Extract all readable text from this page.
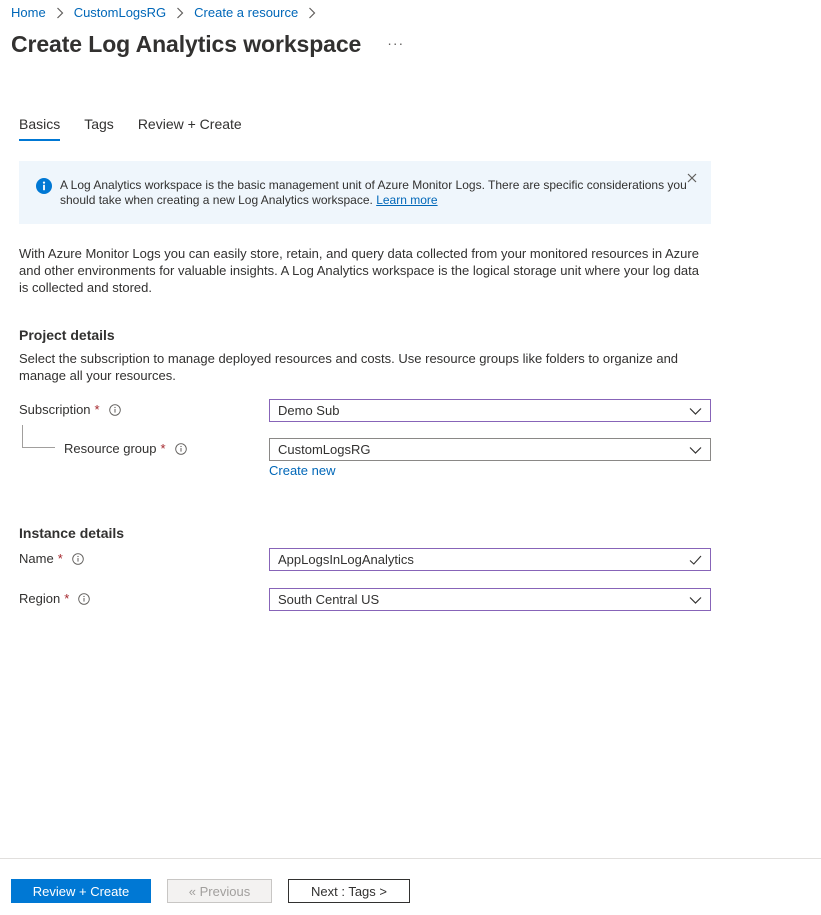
Home CustomLogsRG Create a resource
Create Log Analytics workspace ···
Basics Tags Review + Create
A Log Analytics workspace is the basic management unit of Azure Monitor Logs. There are specific considerations you should take when creating a new Log Analytics workspace. Learn more

With Azure Monitor Logs you can easily store, retain, and query data collected from your monitored resources in Azure and other environments for valuable insights. A Log Analytics workspace is the logical storage unit where your log data is collected and stored.

Project details

Select the subscription to manage deployed resources and costs. Use resource groups like folders to organize and manage all your resources.

Subscription *	Demo Sub
Resource group *	CustomLogsRG
Create new
Instance details
Name *	AppLogsInLogAnalytics
Region *	South Central US
Review + Create	« Previous	Next : Tags >
